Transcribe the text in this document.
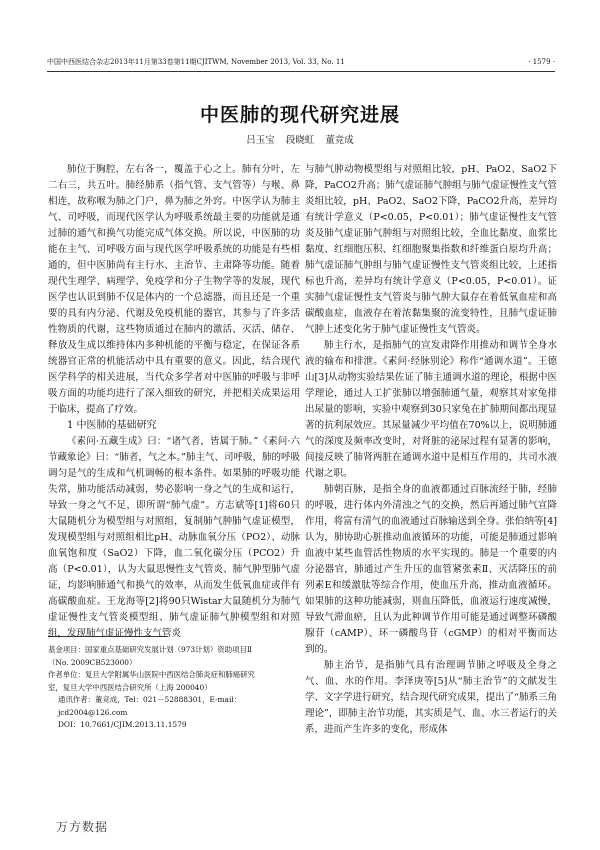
中国中西医结合杂志2013年11月第33卷第11期CJITWM, November 2013, Vol. 33, No. 11	· 1579 ·
中医肺的现代研究进展
吕玉宝 段晓虹 董竞成

肺位于胸腔，左右各一，覆盖于心之上。肺有分叶，左二右三，共五叶。肺经肺系（指气管、支气管等）与喉、鼻相连，故称喉为肺之门户，鼻为肺之外窍。中医学认为肺主气、司呼吸，而现代医学认为呼吸系统最主要的功能就是通过肺的通气和换气功能完成气体交换。所以说，中医肺的功能在主气、司呼吸方面与现代医学呼吸系统的功能是有些相通的，但中医肺尚有主行水、主治节、主肃降等功能。随着现代生理学、病理学、免疫学和分子生物学等的发展，现代医学也认识到肺不仅是体内的一个总滤器，而且还是一个重要的具有内分泌、代谢及免疫机能的器官，其参与了许多活性物质的代谢，这些物质通过在肺内的激活、灭活、储存、释放及生成以维持体内多种机能的平衡与稳定，在保证各系统器官正常的机能活动中具有重要的意义。因此，结合现代医学科学的相关进展，当代众多学者对中医肺的呼吸与非呼吸方面的功能均进行了深入细致的研究，并把相关成果运用于临床，提高了疗效。

1 中医肺的基础研究

《素问·五藏生成》曰：“诸气者，皆属于肺。”《素问·六节藏象论》曰：“肺者，气之本。”肺主气、司呼吸，肺的呼吸调匀是气的生成和气机调畅的根本条件。如果肺的呼吸功能失常，肺功能活动减弱，势必影响一身之气的生成和运行，导致一身之气不足，即所谓“肺气虚”。方志斌等[1]将60只大鼠随机分为模型组与对照组，复制肺气肿肺气虚证模型，发现模型组与对照组相比pH、动脉血氧分压（PO2）、动脉血氧饱和度（SaO2）下降，血二氧化碳分压（PCO2）升高（P<0.01），认为大鼠思慢性支气管炎、肺气肿型肺气虚证，均影响肺通气和换气的效率，从而发生低氧血症或伴有高碳酸血症。王龙海等[2]将90只Wistar大鼠随机分为肺气虚证慢性支气管炎模型组、肺气虚证肺气肿模型组和对照组，发现肺气虚证慢性支气管炎

与肺气肿动物模型组与对照组比较，pH、PaO2、SaO2下降，PaCO2升高；肺气虚证肺气肿组与肺气虚证慢性支气管炎组比较，pH、PaO2、SaO2下降，PaCO2升高，差异均有统计学意义（P<0.05，P<0.01）；肺气虚证慢性支气管炎及肺气虚证肺气肿组与对照组比较，全血比黏度、血浆比黏度、红细胞压积、红细胞聚集指数和纤维蛋白原均升高；肺气虚证肺气肿组与肺气虚证慢性支气管炎组比较，上述指标也升高，差异均有统计学意义（P<0.05，P<0.01）。证实肺气虚证慢性支气管炎与肺气肿大鼠存在着低氧血症和高碳酸血症，血液存在着浓黏集聚的流变特性，且肺气虚证肺气肿上述变化劣于肺气虚证慢性支气管炎。

肺主行水，是指肺气的宣发肃降作用推动和调节全身水液的输布和排泄。《素问·经脉别论》称作“通调水道”。王德山[3]从动物实验结果佐证了肺主通调水道的理论，根据中医学理论，通过人工扩张肺以增强肺通气量，观察其对家兔排出尿量的影响，实验中观察到30只家兔在扩肺期间都出现显著的抗利尿效应。其尿量减少平均值在70%以上，说明肺通气的深度及频率改变时，对肾脏的泌尿过程有显著的影响，间接反映了肺肾两脏在通调水道中是相互作用的，共司水液代谢之职。

肺朝百脉，是指全身的血液都通过百脉流经于肺，经肺的呼吸，进行体内外清浊之气的交换，然后再通过肺气宣降作用，将富有清气的血液通过百脉输送到全身。张伯纳等[4]认为，肺协助心脏推动血液循环的功能，可能是肺通过影响血液中某些血管活性物质的水平实现的。肺是一个重要的内分泌器官，肺通过产生升压的血管紧张素Ⅱ、灭活降压的前列素E和缓激肽等综合作用，使血压升高，推动血液循环。如果肺的这种功能减弱，则血压降低，血液运行速度减慢，导致气滞血瘀，且认为此种调节作用可能是通过调整环磷酸腺苷（cAMP）、环一磷酸鸟苷（cGMP）的相对平衡而达到的。

肺主治节，是指肺气具有治理调节肺之呼吸及全身之气、血、水的作用。李泽庚等[5]从“肺主治节”的文献发生学、文字学进行研究，结合现代研究成果，提出了“肺系三角理论”，即肺主治节功能，其实质是气、血、水三者运行的关系，进而产生许多的变化，形成体

基金项目：国家重点基础研究发展计划（973计划）资助项目Ⅱ
（No. 2009CB523000）
作者单位：复旦大学附属华山医院中西医结合肺炎症和肺癌研究
室，复旦大学中西医结合研究所（上海 200040）
通讯作者：董竞成，Tel：021－52888301，E-mail：jcd2004@126.com
DOI：10.7661/CJIM.2013.11.1579
万方数据
